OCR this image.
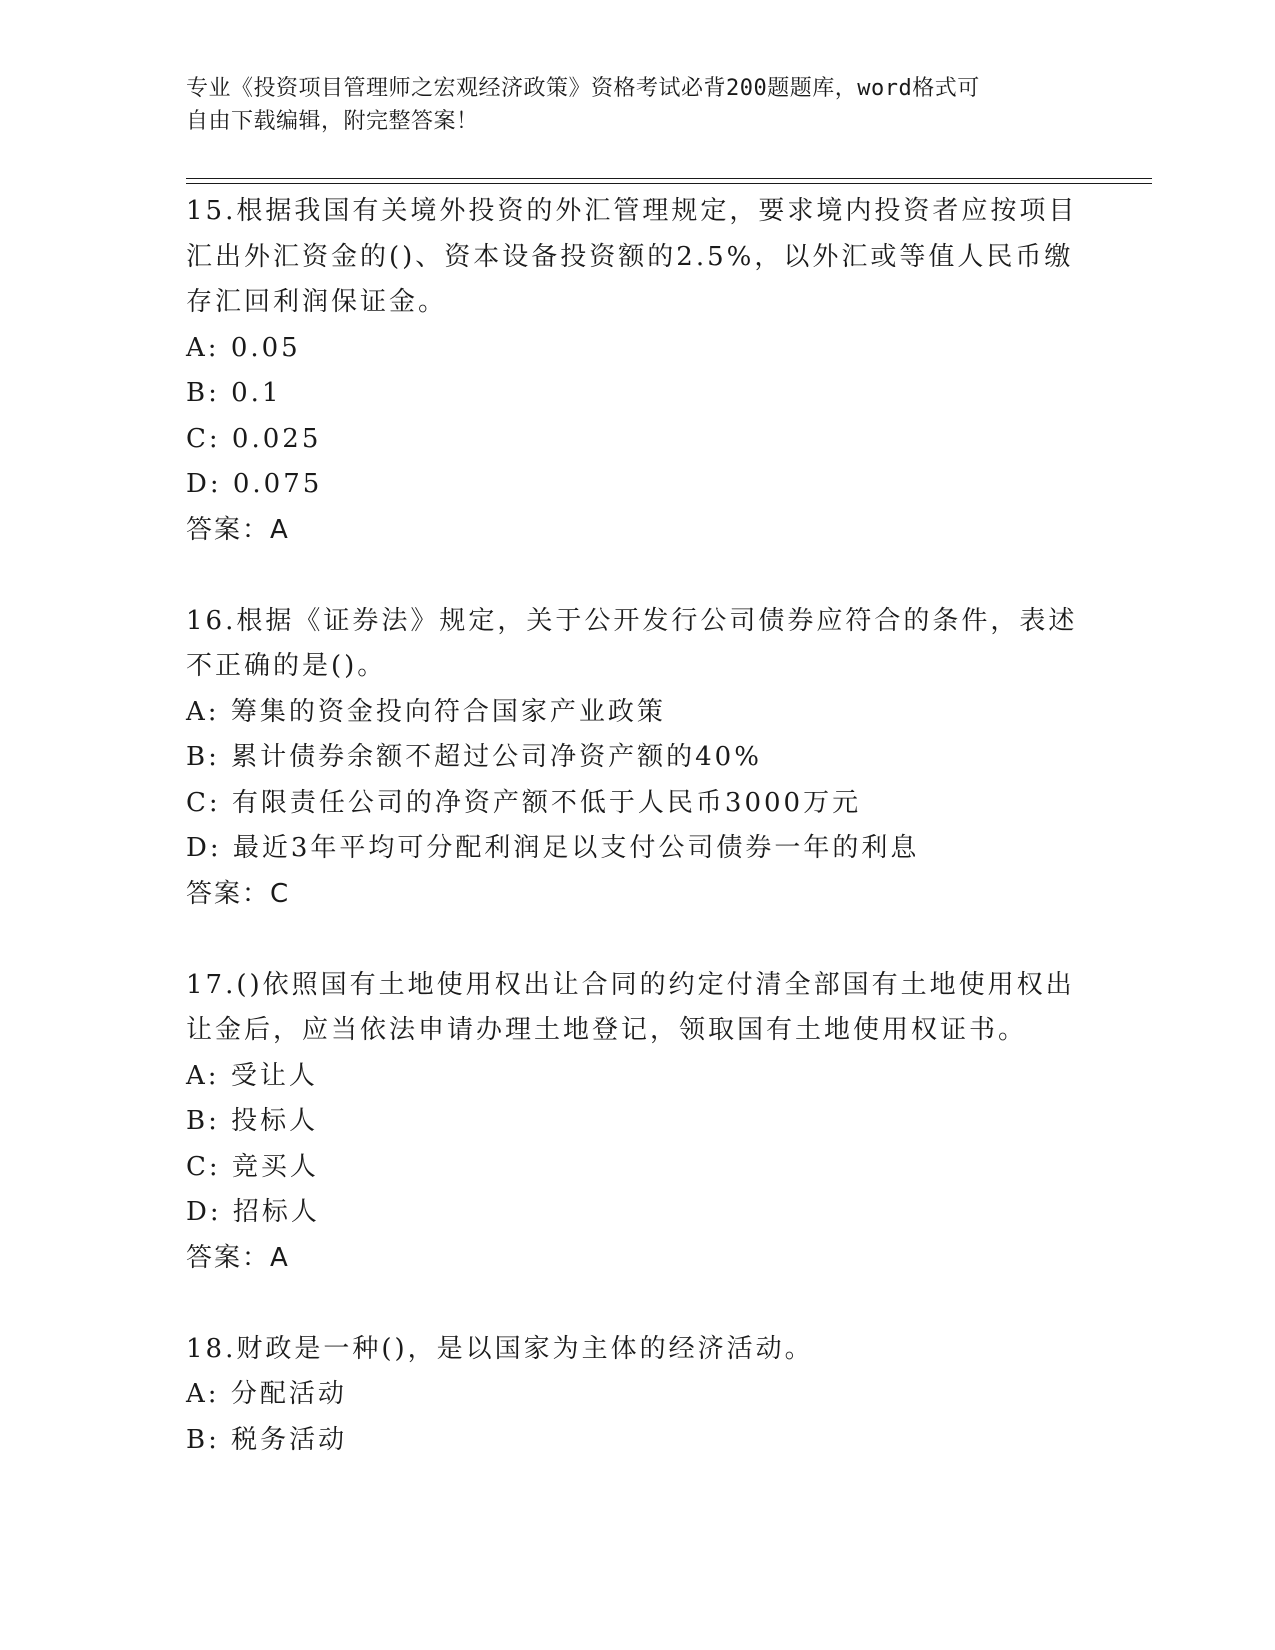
专业《投资项目管理师之宏观经济政策》资格考试必背200题题库，word格式可
自由下载编辑，附完整答案！

15.根据我国有关境外投资的外汇管理规定，要求境内投资者应按项目汇出外汇资金的()、资本设备投资额的2.5%，以外汇或等值人民币缴存汇回利润保证金。

A: 0.05

B: 0.1

C: 0.025

D: 0.075

答案：A

16.根据《证券法》规定，关于公开发行公司债券应符合的条件，表述不正确的是()。

A: 筹集的资金投向符合国家产业政策

B: 累计债券余额不超过公司净资产额的40%

C: 有限责任公司的净资产额不低于人民币3000万元

D: 最近3年平均可分配利润足以支付公司债券一年的利息

答案：C

17.()依照国有土地使用权出让合同的约定付清全部国有土地使用权出让金后，应当依法申请办理土地登记，领取国有土地使用权证书。

A: 受让人

B: 投标人

C: 竞买人

D: 招标人

答案：A

18.财政是一种()，是以国家为主体的经济活动。

A: 分配活动

B: 税务活动
